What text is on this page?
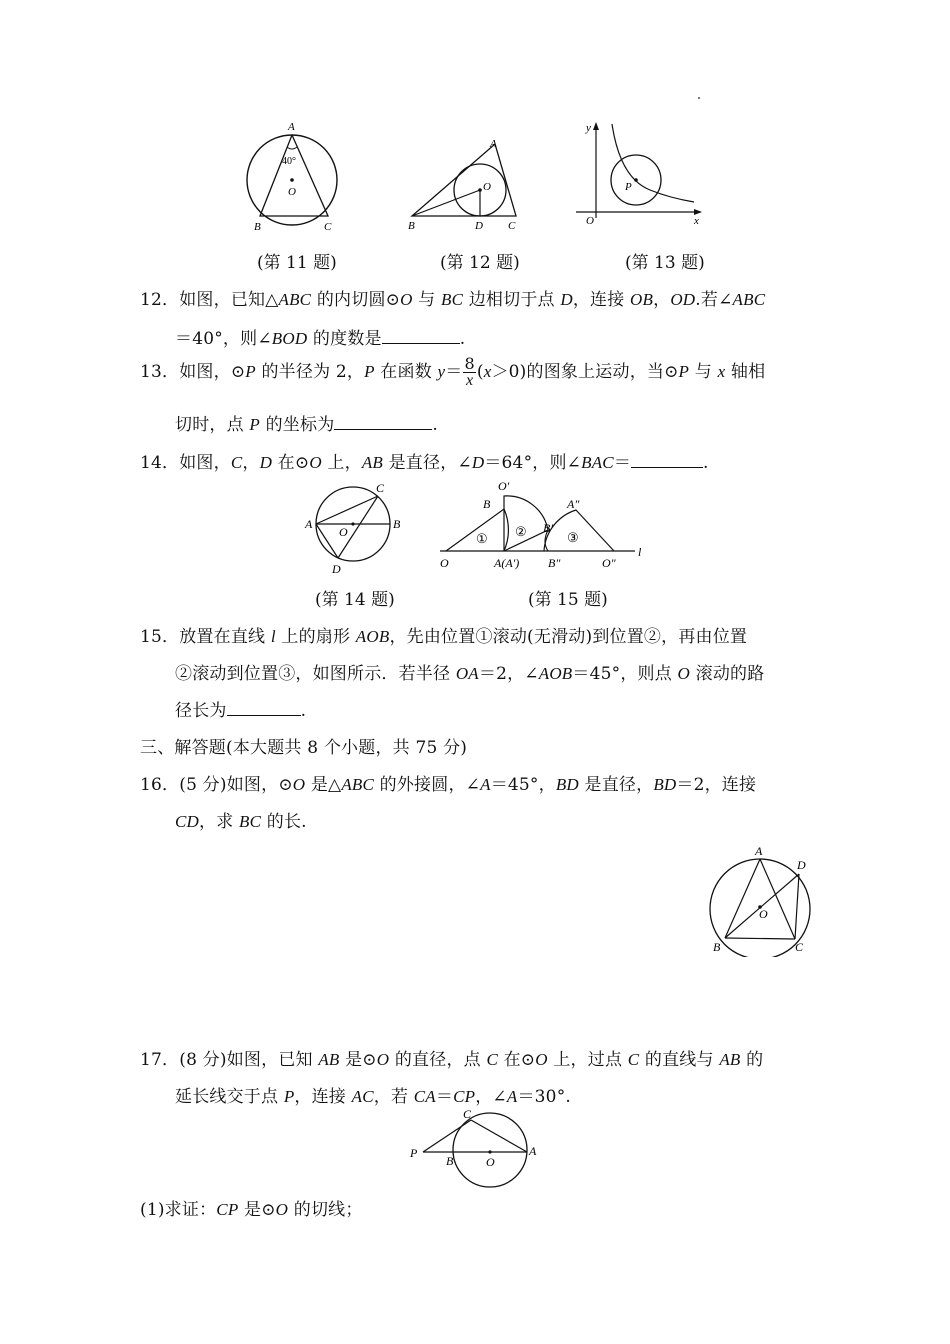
A
40°
O
B	C
A
O
B	D C
y
x
O
P
(第 11 题)	(第 12 题)	(第 13 题)
12．如图，已知△ABC 的内切圆⊙O 与 BC 边相切于点 D，连接 OB，OD.若∠ABC
＝40°，则∠BOD 的度数是	.
13．如图，⊙P 的半径为 2，P 在函数 $y= \frac{8}{x} (x>0)$的图象上运动，当⊙P 与 x 轴相
切时，点 P 的坐标为	.
14．如图，C，D 在⊙O 上，AB 是直径，∠D＝64°，则∠BAC＝	.
A	B
C
D
O	① ②	③
O′
B	A″
B′
O	A(A′) B″	O″
l
(第 14 题)	(第 15 题)
15．放置在直线 l 上的扇形 AOB，先由位置①滚动(无滑动)到位置②，再由位置
②滚动到位置③，如图所示．若半径 OA＝2，∠AOB＝45°，则点 O 滚动的路
径长为	.
三、解答题(本大题共 8 个小题，共 75 分)
16．(5 分)如图，⊙O 是△ABC 的外接圆，∠A＝45°，BD 是直径，BD＝2，连接
CD，求 BC 的长.
A
D
O
B	C
17．(8 分)如图，已知 AB 是⊙O 的直径，点 C 在⊙O 上，过点 C 的直线与 AB 的
延长线交于点 P，连接 AC，若 CA＝CP，∠A＝30°.
C
P
B	O
A
(1)求证：CP 是⊙O 的切线；
